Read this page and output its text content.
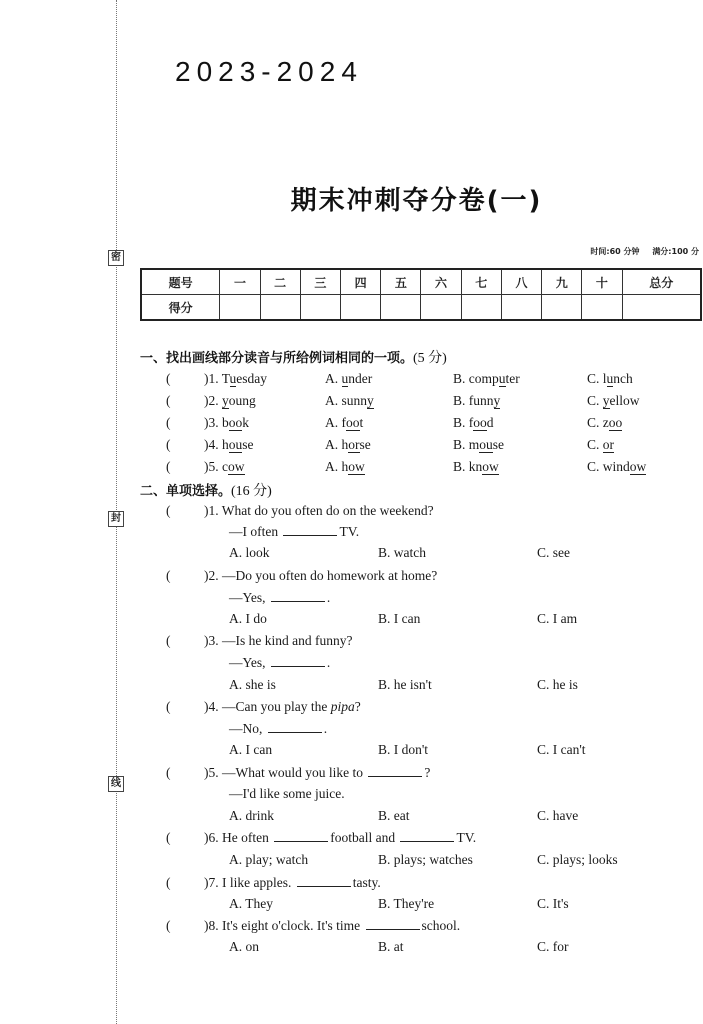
密
封
线
2023-2024
期末冲刺夺分卷(一)
时间:60 分钟 满分:100 分
题号	一	二	三	四	五	六	七	八	九	十	总分
得分											
一、找出画线部分读音与所给例词相同的一项。(5 分)
( )1. Tuesday	A. under	B. computer	C. lunch
( )2. young	A. sunny	B. funny	C. yellow
( )3. book	A. foot	B. food	C. zoo
( )4. house	A. horse	B. mouse	C. or
( )5. cow	A. how	B. know	C. window
二、单项选择。(16 分)
( )1. What do you often do on the weekend?
—I often	TV.
A. look	B. watch	C. see
( )2. —Do you often do homework at home?
—Yes,	.
A. I do	B. I can	C. I am
( )3. —Is he kind and funny?
—Yes,	.
A. she is	B. he isn't	C. he is
( )4. —Can you play the pipa?
—No,	.
A. I can	B. I don't	C. I can't
( )5. —What would you like to	?
—I'd like some juice.
A. drink	B. eat	C. have
( )6. He often	football and	TV.
A. play; watch	B. plays; watches	C. plays; looks
( )7. I like apples.	tasty.
A. They	B. They're	C. It's
( )8. It's eight o'clock. It's time	school.
A. on	B. at	C. for
